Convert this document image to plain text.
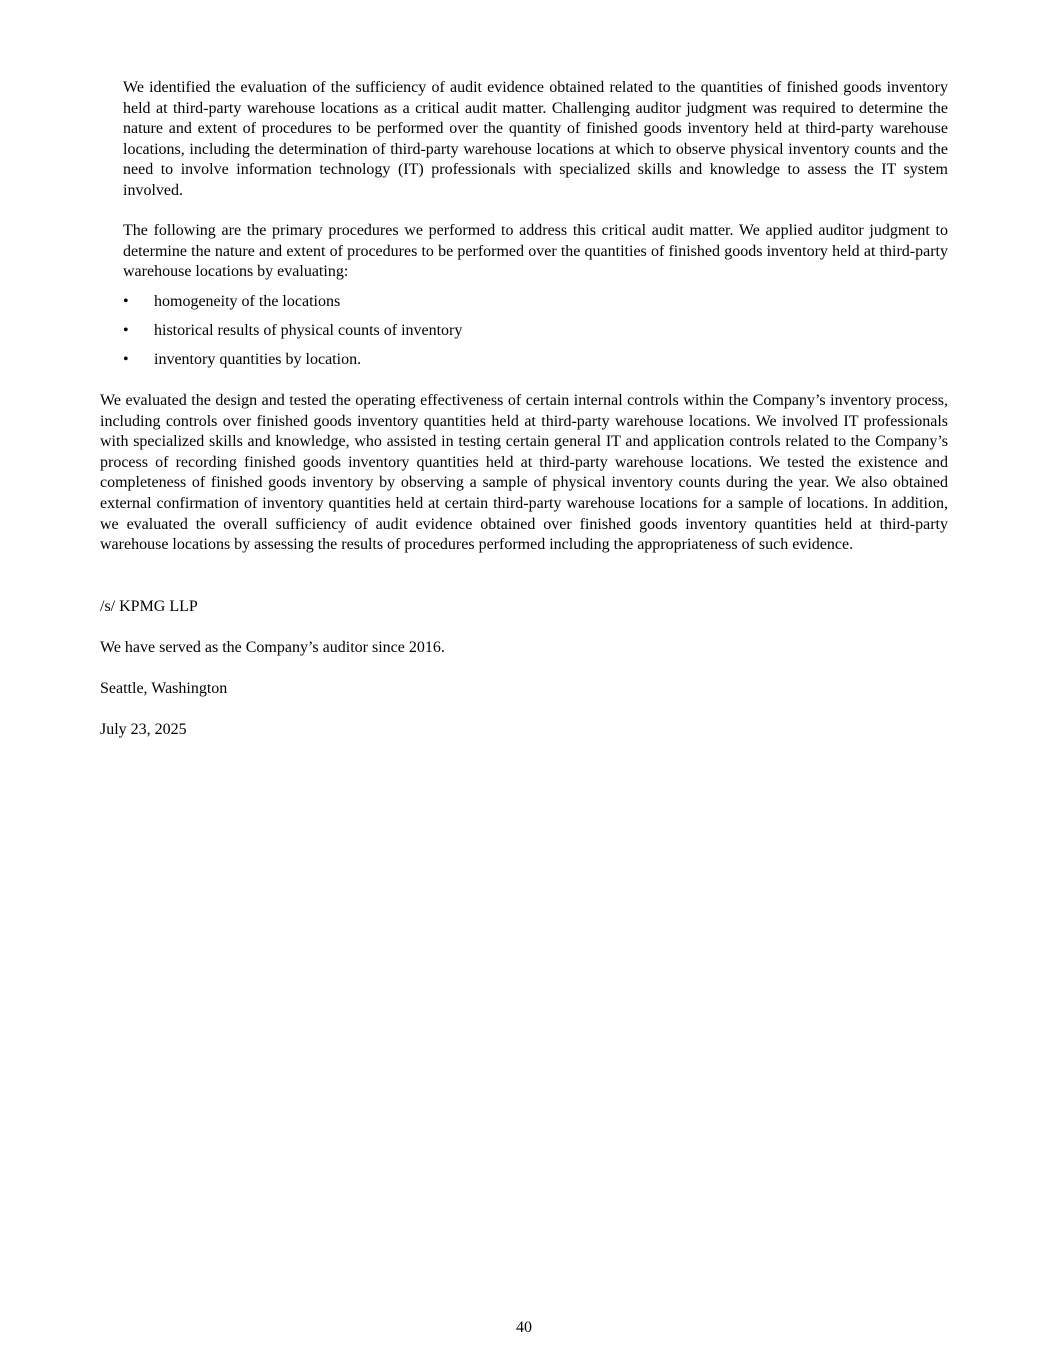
We identified the evaluation of the sufficiency of audit evidence obtained related to the quantities of finished goods inventory held at third-party warehouse locations as a critical audit matter. Challenging auditor judgment was required to determine the nature and extent of procedures to be performed over the quantity of finished goods inventory held at third-party warehouse locations, including the determination of third-party warehouse locations at which to observe physical inventory counts and the need to involve information technology (IT) professionals with specialized skills and knowledge to assess the IT system involved.

The following are the primary procedures we performed to address this critical audit matter. We applied auditor judgment to determine the nature and extent of procedures to be performed over the quantities of finished goods inventory held at third-party warehouse locations by evaluating:

• homogeneity of the locations
• historical results of physical counts of inventory
• inventory quantities by location.

We evaluated the design and tested the operating effectiveness of certain internal controls within the Company’s inventory process, including controls over finished goods inventory quantities held at third-party warehouse locations. We involved IT professionals with specialized skills and knowledge, who assisted in testing certain general IT and application controls related to the Company’s process of recording finished goods inventory quantities held at third-party warehouse locations. We tested the existence and completeness of finished goods inventory by observing a sample of physical inventory counts during the year. We also obtained external confirmation of inventory quantities held at certain third-party warehouse locations for a sample of locations. In addition, we evaluated the overall sufficiency of audit evidence obtained over finished goods inventory quantities held at third-party warehouse locations by assessing the results of procedures performed including the appropriateness of such evidence.

/s/ KPMG LLP

We have served as the Company’s auditor since 2016.

Seattle, Washington

July 23, 2025

40
